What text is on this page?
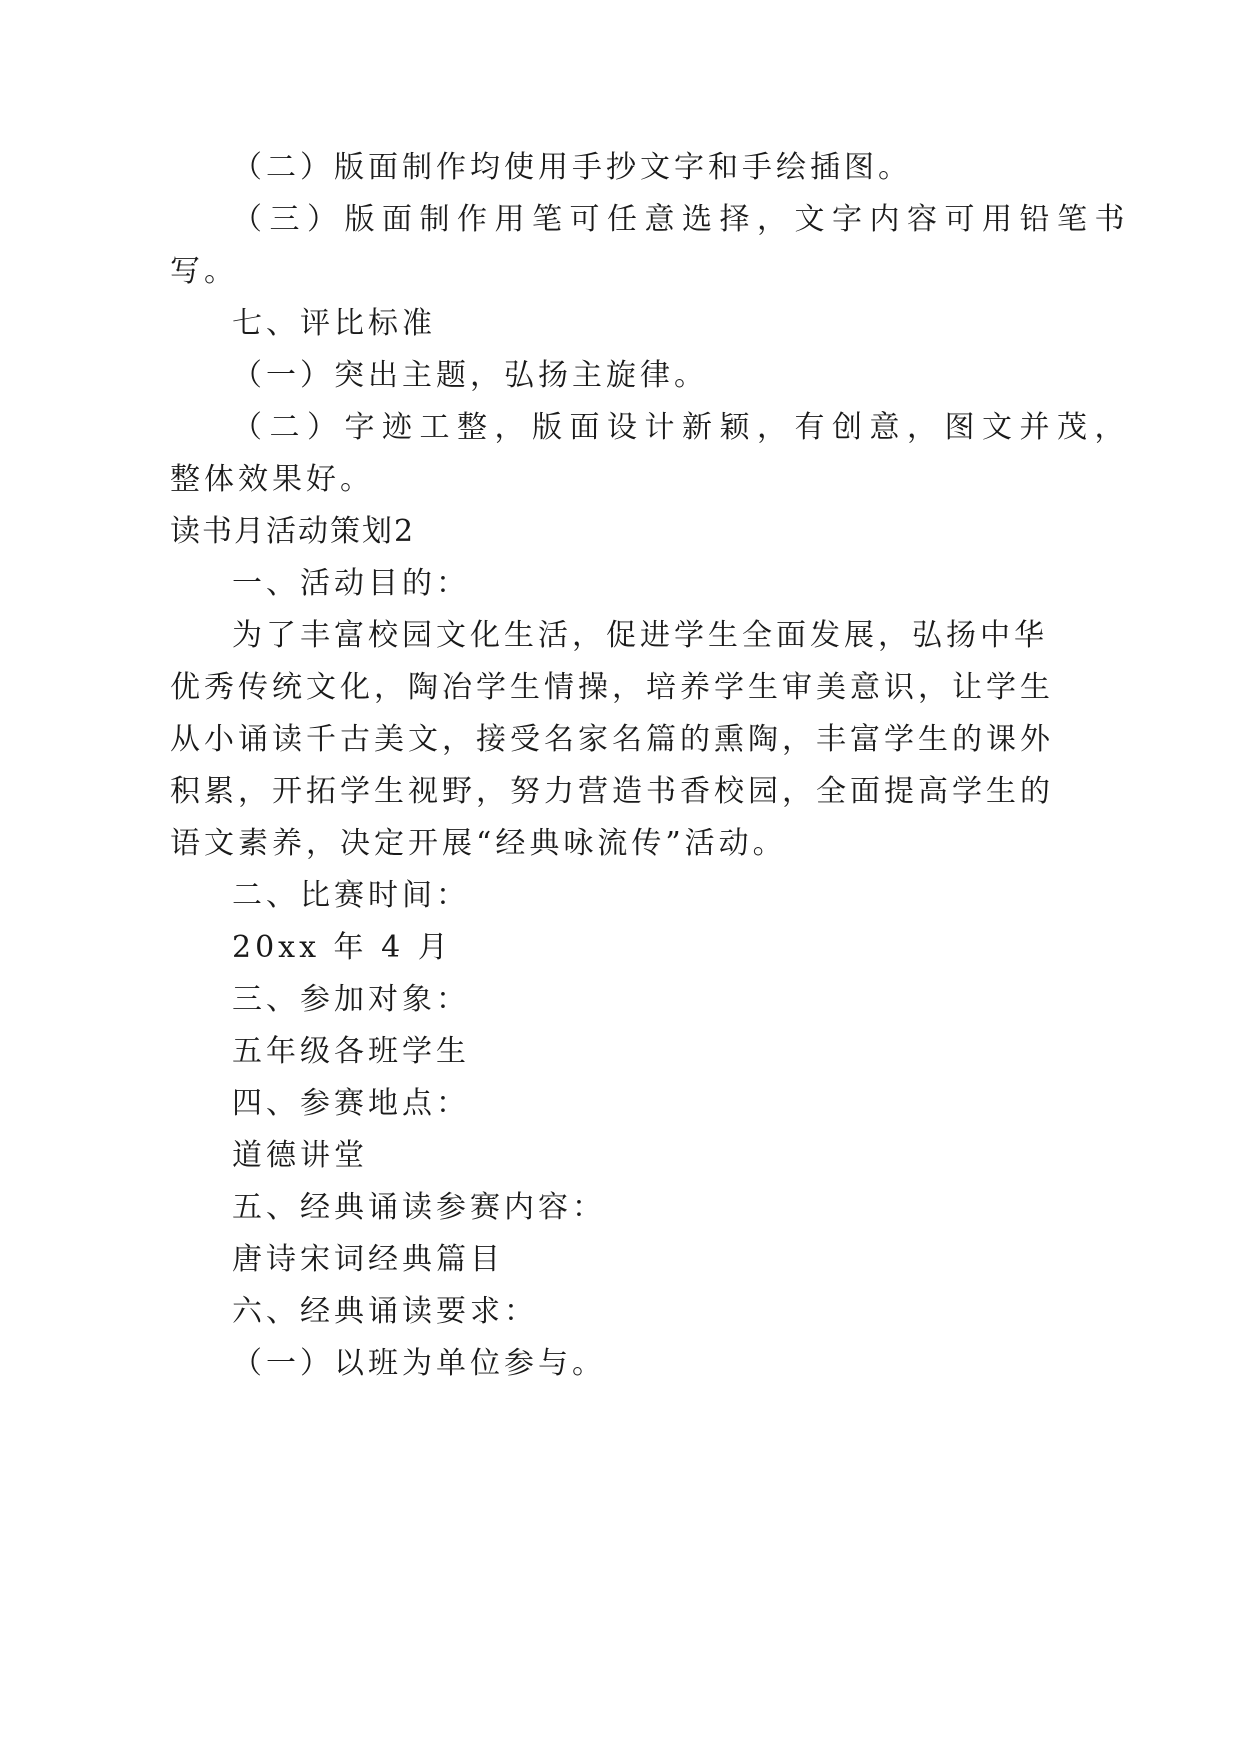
（二）版面制作均使用手抄文字和手绘插图。
（三）版面制作用笔可任意选择，文字内容可用铅笔书
写。
七、评比标准
（一）突出主题，弘扬主旋律。
（二）字迹工整，版面设计新颖，有创意，图文并茂，
整体效果好。
读书月活动策划2
一、活动目的：
为了丰富校园文化生活，促进学生全面发展，弘扬中华
优秀传统文化，陶冶学生情操，培养学生审美意识，让学生
从小诵读千古美文，接受名家名篇的熏陶，丰富学生的课外
积累，开拓学生视野，努力营造书香校园，全面提高学生的
语文素养，决定开展“经典咏流传”活动。
二、比赛时间：
20xx 年 4 月
三、参加对象：
五年级各班学生
四、参赛地点：
道德讲堂
五、经典诵读参赛内容：
唐诗宋词经典篇目
六、经典诵读要求：
（一）以班为单位参与。
